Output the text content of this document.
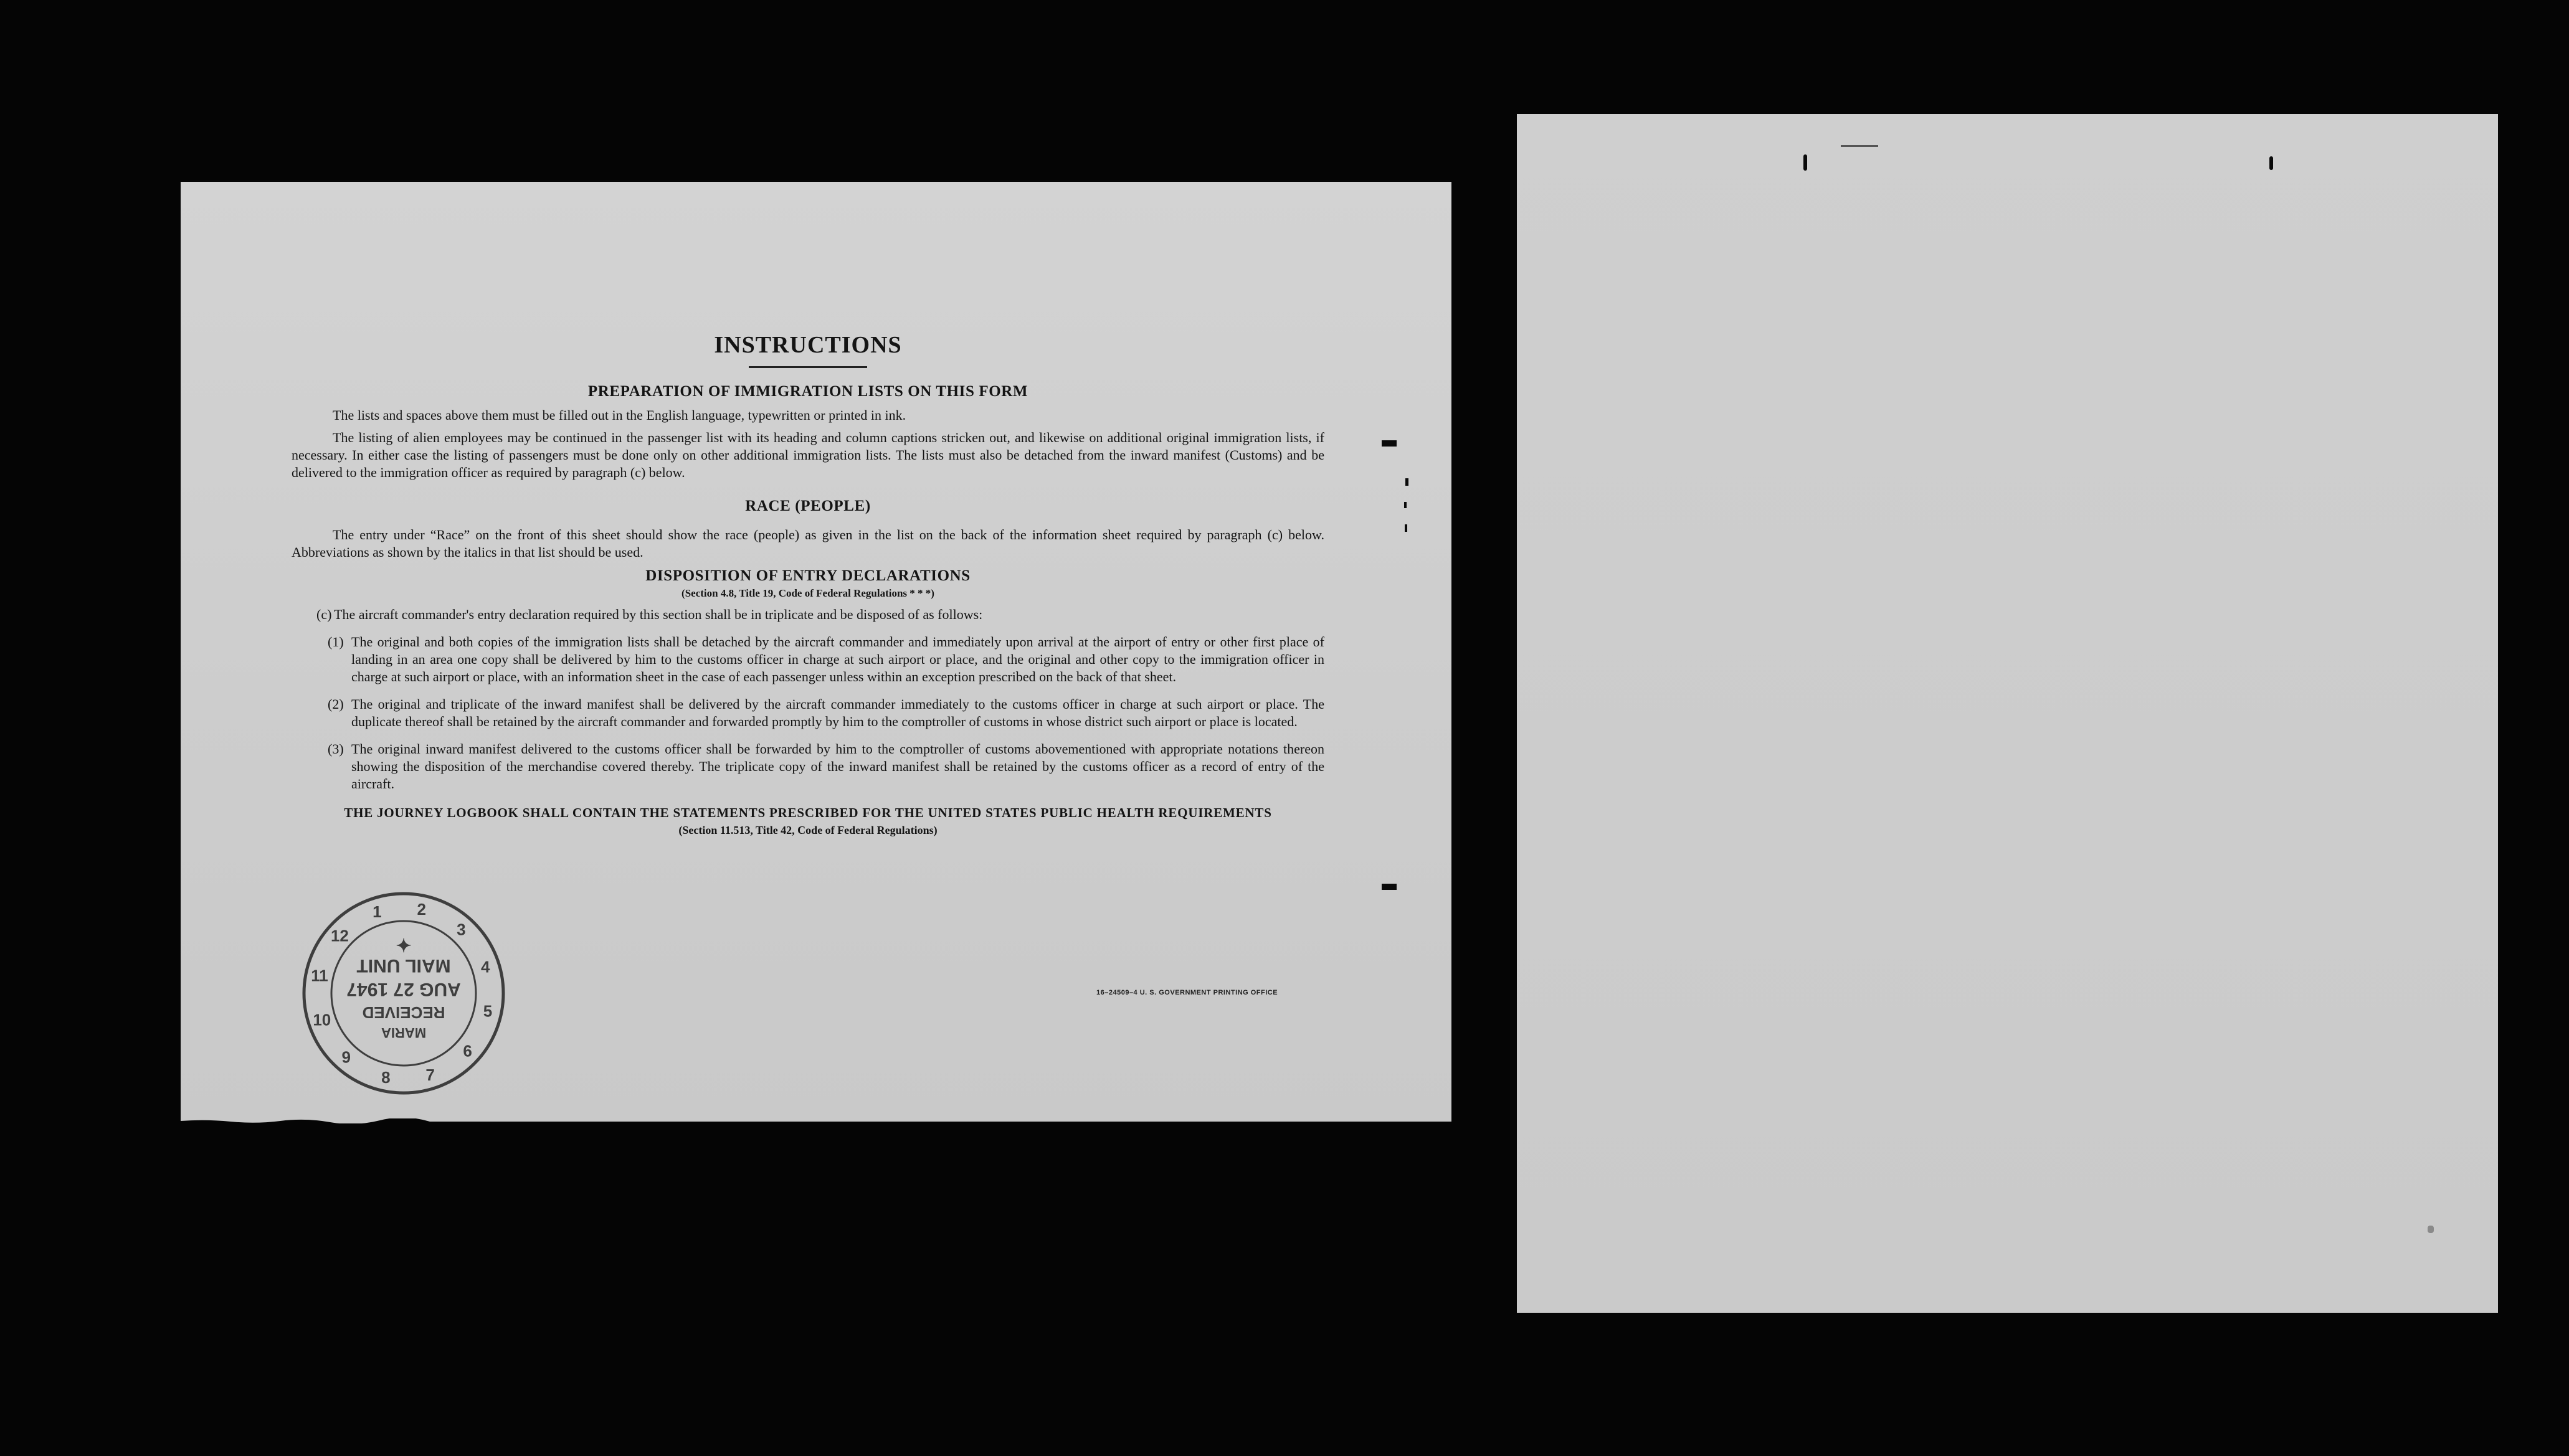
INSTRUCTIONS
PREPARATION OF IMMIGRATION LISTS ON THIS FORM

The lists and spaces above them must be filled out in the English language, typewritten or printed in ink.

The listing of alien employees may be continued in the passenger list with its heading and column captions stricken out, and likewise on additional original immigration lists, if necessary. In either case the listing of passengers must be done only on other additional immigration lists. The lists must also be detached from the inward manifest (Customs) and be delivered to the immigration officer as required by paragraph (c) below.

RACE (PEOPLE)

The entry under “Race” on the front of this sheet should show the race (people) as given in the list on the back of the information sheet required by paragraph (c) below. Abbreviations as shown by the italics in that list should be used.

DISPOSITION OF ENTRY DECLARATIONS
(Section 4.8, Title 19, Code of Federal Regulations * * *)
(c) The aircraft commander's entry declaration required by this section shall be in triplicate and be disposed of as follows:
(1) The original and both copies of the immigration lists shall be detached by the aircraft commander and immediately upon arrival at the airport of entry or other first place of landing in an area one copy shall be delivered by him to the customs officer in charge at such airport or place, and the original and other copy to the immigration officer in charge at such airport or place, with an information sheet in the case of each passenger unless within an exception prescribed on the back of that sheet.
(2) The original and triplicate of the inward manifest shall be delivered by the aircraft commander immediately to the customs officer in charge at such airport or place. The duplicate thereof shall be retained by the aircraft commander and forwarded promptly by him to the comptroller of customs in whose district such airport or place is located.
(3) The original inward manifest delivered to the customs officer shall be forwarded by him to the comptroller of customs abovementioned with appropriate notations thereon showing the disposition of the merchandise covered thereby. The triplicate copy of the inward manifest shall be retained by the customs officer as a record of entry of the aircraft.
THE JOURNEY LOGBOOK SHALL CONTAIN THE STATEMENTS PRESCRIBED FOR THE UNITED STATES PUBLIC HEALTH REQUIREMENTS
(Section 11.513, Title 42, Code of Federal Regulations)
16–24509–4 U. S. GOVERNMENT PRINTING OFFICE
1 2
3
4
5
6
7
8
9
10
11
12
MARIA
RECEIVED
AUG 27 1947
MAIL UNIT
✦
